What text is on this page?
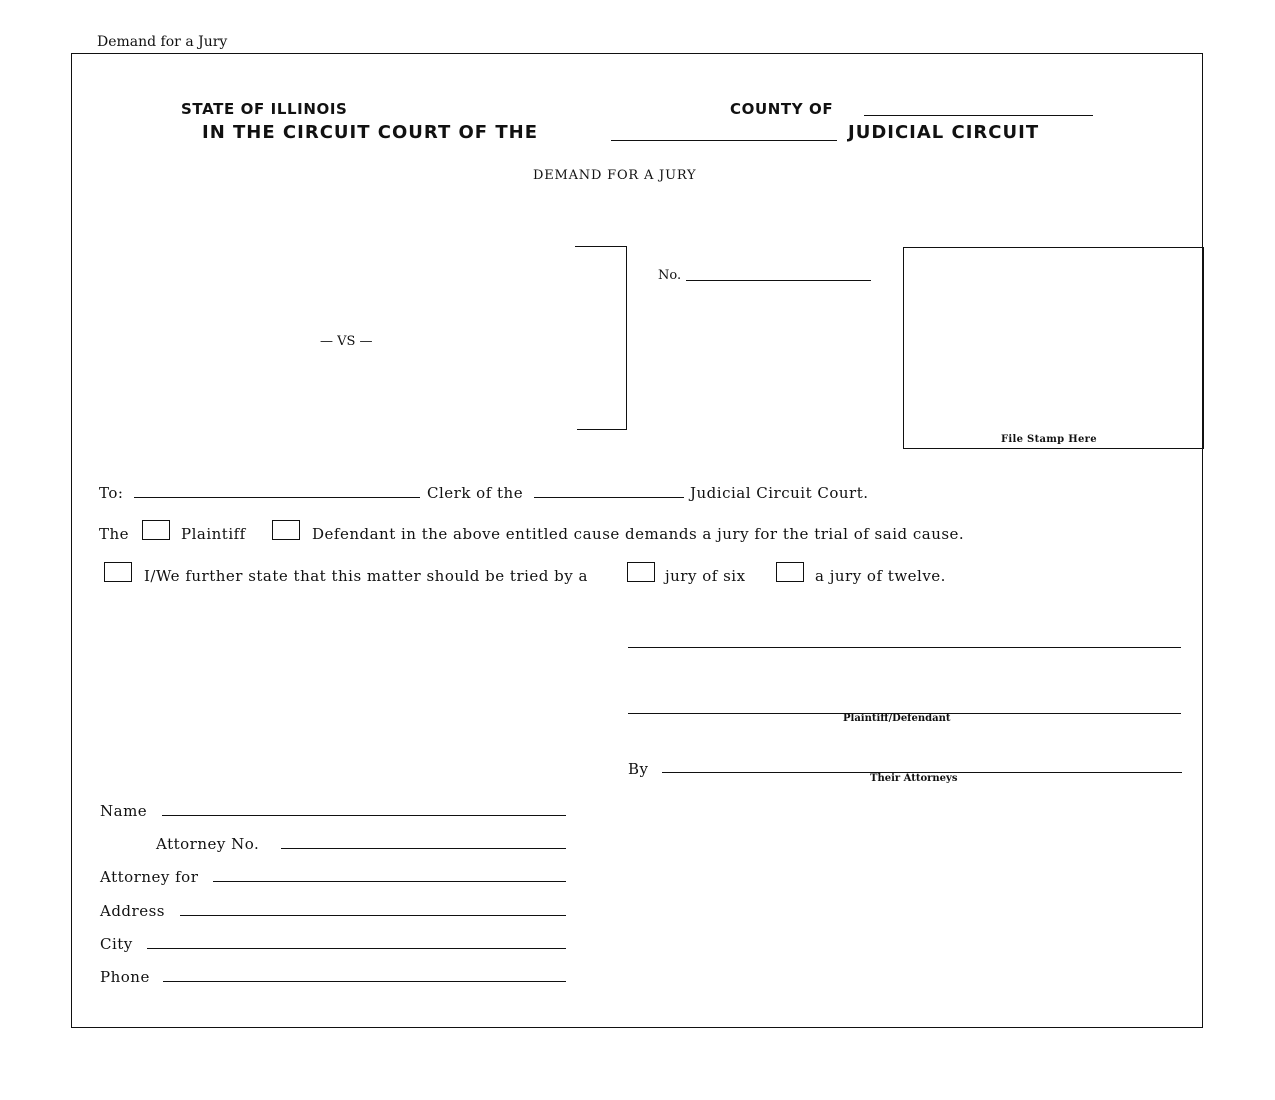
Demand for a Jury
STATE OF ILLINOIS	COUNTY OF
IN THE CIRCUIT COURT OF THE	JUDICIAL CIRCUIT
DEMAND FOR A JURY
— VS —
No.
File Stamp Here
To:	Clerk of the	Judicial Circuit Court.
The	Plaintiff	Defendant in the above entitled cause demands a jury for the trial of said cause.
I/We further state that this matter should be tried by a	jury of six	a jury of twelve.
Plaintiff/Defendant
By
Their Attorneys
Name
Attorney No.
Attorney for
Address
City
Phone
